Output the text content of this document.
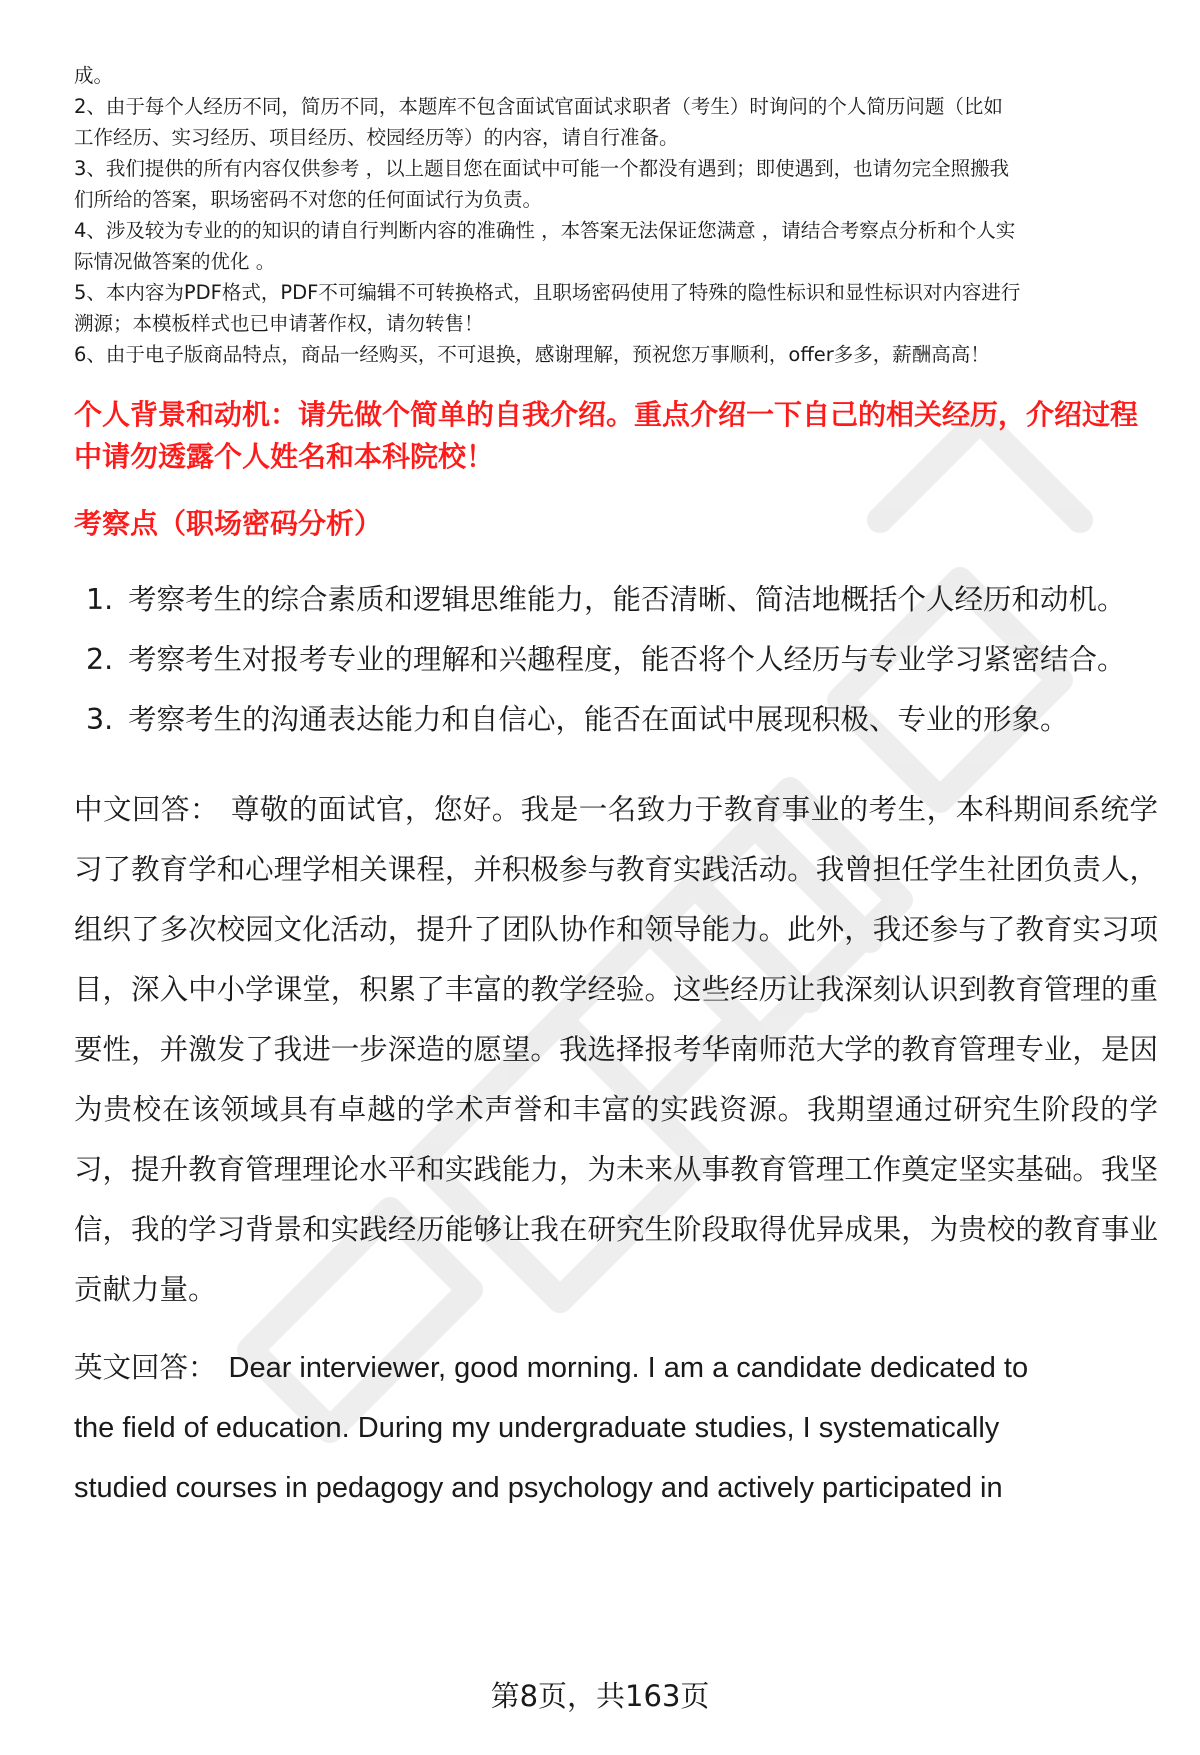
成。

2、由于每个人经历不同，简历不同，本题库不包含面试官面试求职者（考生）时询问的个人简历问题（比如

工作经历、实习经历、项目经历、校园经历等）的内容，请自行准备。

3、我们提供的所有内容仅供参考 ，以上题目您在面试中可能一个都没有遇到；即使遇到，也请勿完全照搬我

们所给的答案，职场密码不对您的任何面试行为负责。

4、涉及较为专业的的知识的请自行判断内容的准确性 ，本答案无法保证您满意 ，请结合考察点分析和个人实

际情况做答案的优化 。

5、本内容为PDF格式，PDF不可编辑不可转换格式，且职场密码使用了特殊的隐性标识和显性标识对内容进行

溯源；本模板样式也已申请著作权，请勿转售！

6、由于电子版商品特点，商品一经购买，不可退换，感谢理解，预祝您万事顺利，offer多多，薪酬高高！

个人背景和动机：请先做个简单的自我介绍。重点介绍一下自己的相关经历，介绍过程中请勿透露个人姓名和本科院校！
考察点（职场密码分析）
1. 考察考生的综合素质和逻辑思维能力，能否清晰、简洁地概括个人经历和动机。
2. 考察考生对报考专业的理解和兴趣程度，能否将个人经历与专业学习紧密结合。
3. 考察考生的沟通表达能力和自信心，能否在面试中展现积极、专业的形象。
中文回答： 尊敬的面试官，您好。我是一名致力于教育事业的考生，本科期间系统学习了教育学和心理学相关课程，并积极参与教育实践活动。我曾担任学生社团负责人，组织了多次校园文化活动，提升了团队协作和领导能力。此外，我还参与了教育实习项目，深入中小学课堂，积累了丰富的教学经验。这些经历让我深刻认识到教育管理的重要性，并激发了我进一步深造的愿望。我选择报考华南师范大学的教育管理专业，是因为贵校在该领域具有卓越的学术声誉和丰富的实践资源。我期望通过研究生阶段的学习，提升教育管理理论水平和实践能力，为未来从事教育管理工作奠定坚实基础。我坚信，我的学习背景和实践经历能够让我在研究生阶段取得优异成果，为贵校的教育事业贡献力量。
英文回答： Dear interviewer, good morning. I am a candidate dedicated to
the field of education. During my undergraduate studies, I systematically
studied courses in pedagogy and psychology and actively participated in
第8页，共163页
